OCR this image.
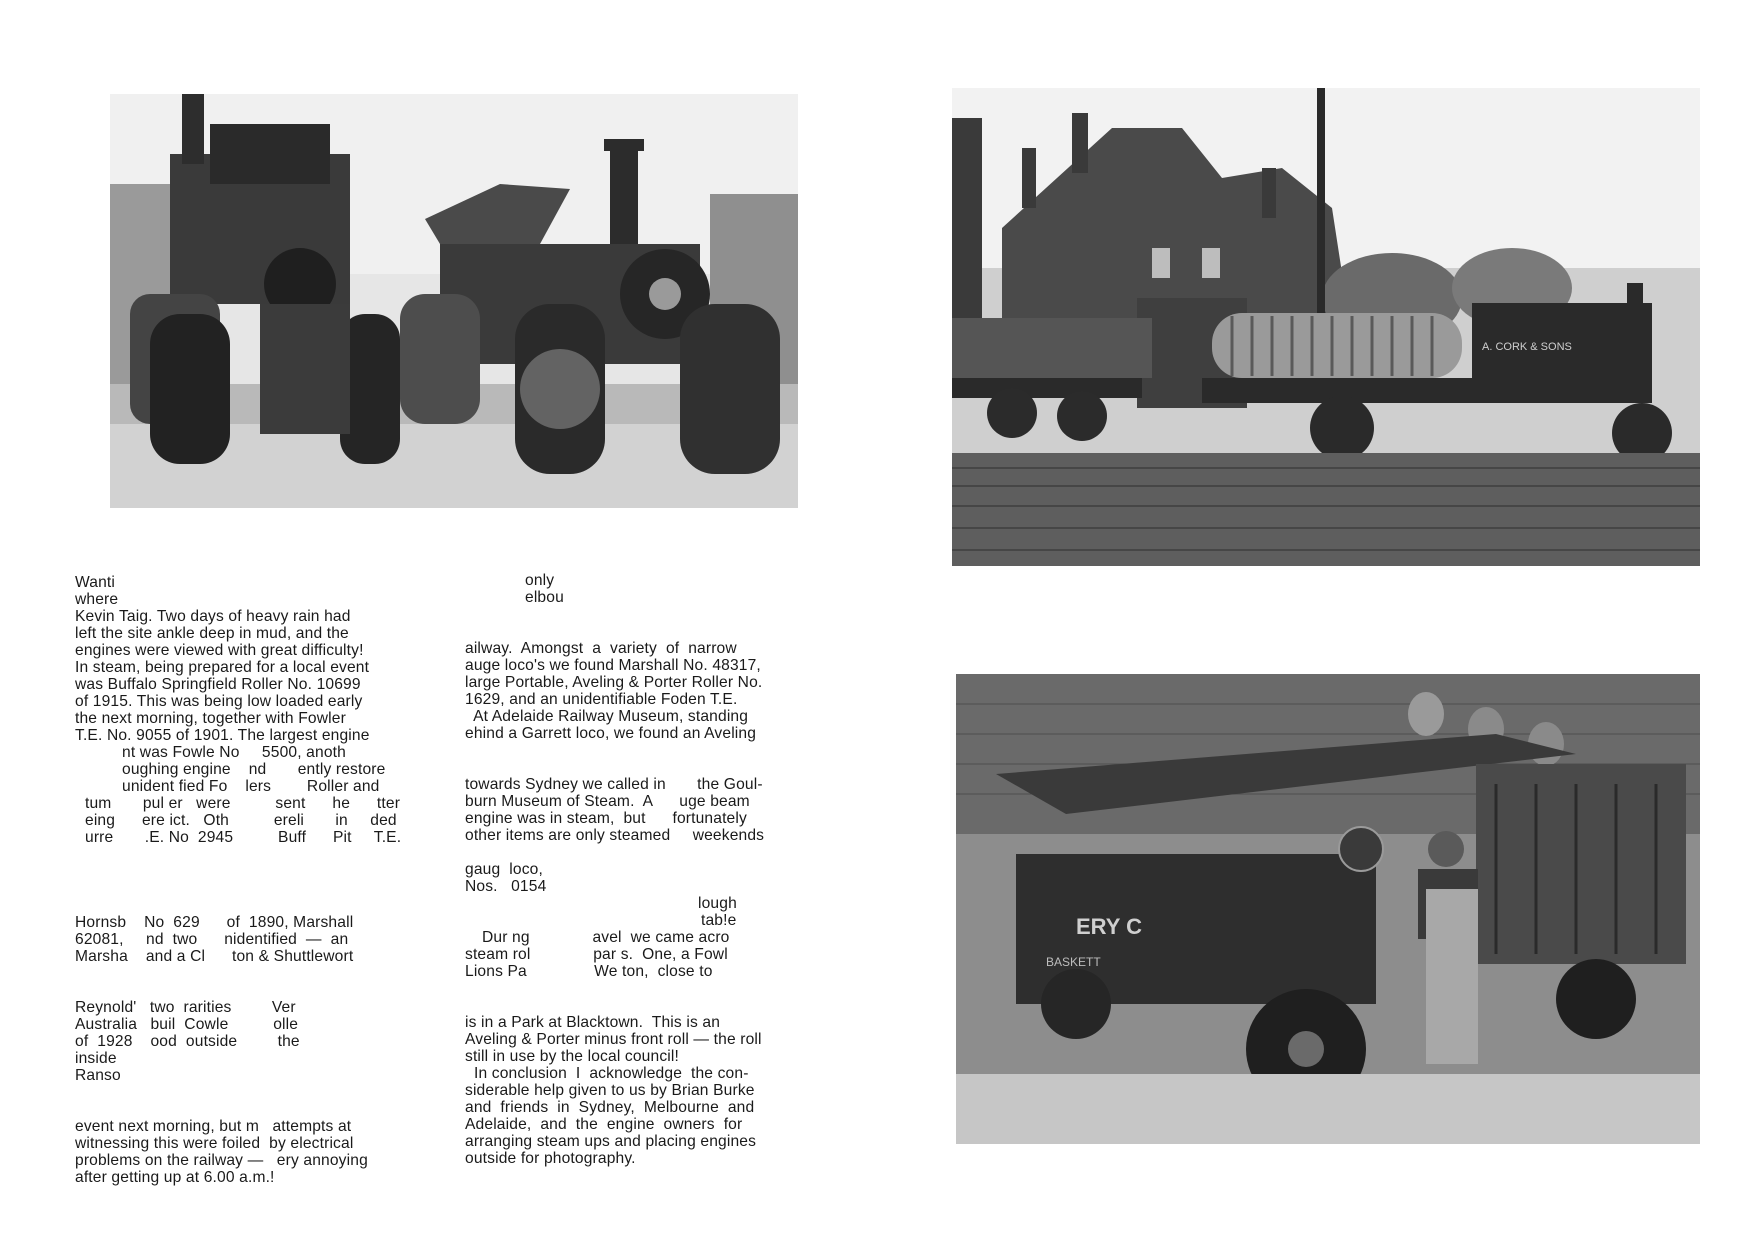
A. CORK & SONS
ERY C
BASKETT

Wanti

where

Kevin Taig. Two days of heavy rain had

left the site ankle deep in mud, and the

engines were viewed with great difficulty!

In steam, being prepared for a local event

was Buffalo Springfield Roller No. 10699

of 1915. This was being low loaded early

the next morning, together with Fowler

T.E. No. 9055 of 1901. The largest engine

nt was Fowle No     5500, anoth

oughing engine    nd       ently restore

unident fied Fo    lers        Roller and

tum       pul er   were          sent      he      tter

eing      ere ict.   Oth          ereli       in     ded

urre       .E. No  2945          Buff      Pit     T.E.

Hornsb    No  629      of  1890, Marshall

62081,     nd  two      nidentified  —  an

Marsha    and a Cl      ton & Shuttlewort

Reynold'   two  rarities         Ver

Australia   buil  Cowle          olle

of  1928    ood  outside         the

inside

Ranso

event next morning, but m   attempts at

witnessing this were foiled  by electrical

problems on the railway —   ery annoying

after getting up at 6.00 a.m.!

only

elbou

ailway.  Amongst  a  variety  of  narrow

auge loco's we found Marshall No. 48317,

large Portable, Aveling & Porter Roller No.

1629, and an unidentifiable Foden T.E.

At Adelaide Railway Museum, standing

ehind a Garrett loco, we found an Aveling

towards Sydney we called in       the Goul-

burn Museum of Steam.  A      uge beam

engine was in steam,  but      fortunately

other items are only steamed     weekends

gaug  loco,

Nos.   0154

lough

tab!e

Dur ng              avel  we came acro

steam rol              par s.  One, a Fowl

Lions Pa               We ton,  close to

is in a Park at Blacktown.  This is an

Aveling & Porter minus front roll — the roll

still in use by the local council!

In conclusion  I  acknowledge  the con-

siderable help given to us by Brian Burke

and  friends  in  Sydney,  Melbourne  and

Adelaide,  and  the  engine  owners  for

arranging steam ups and placing engines

outside for photography.
